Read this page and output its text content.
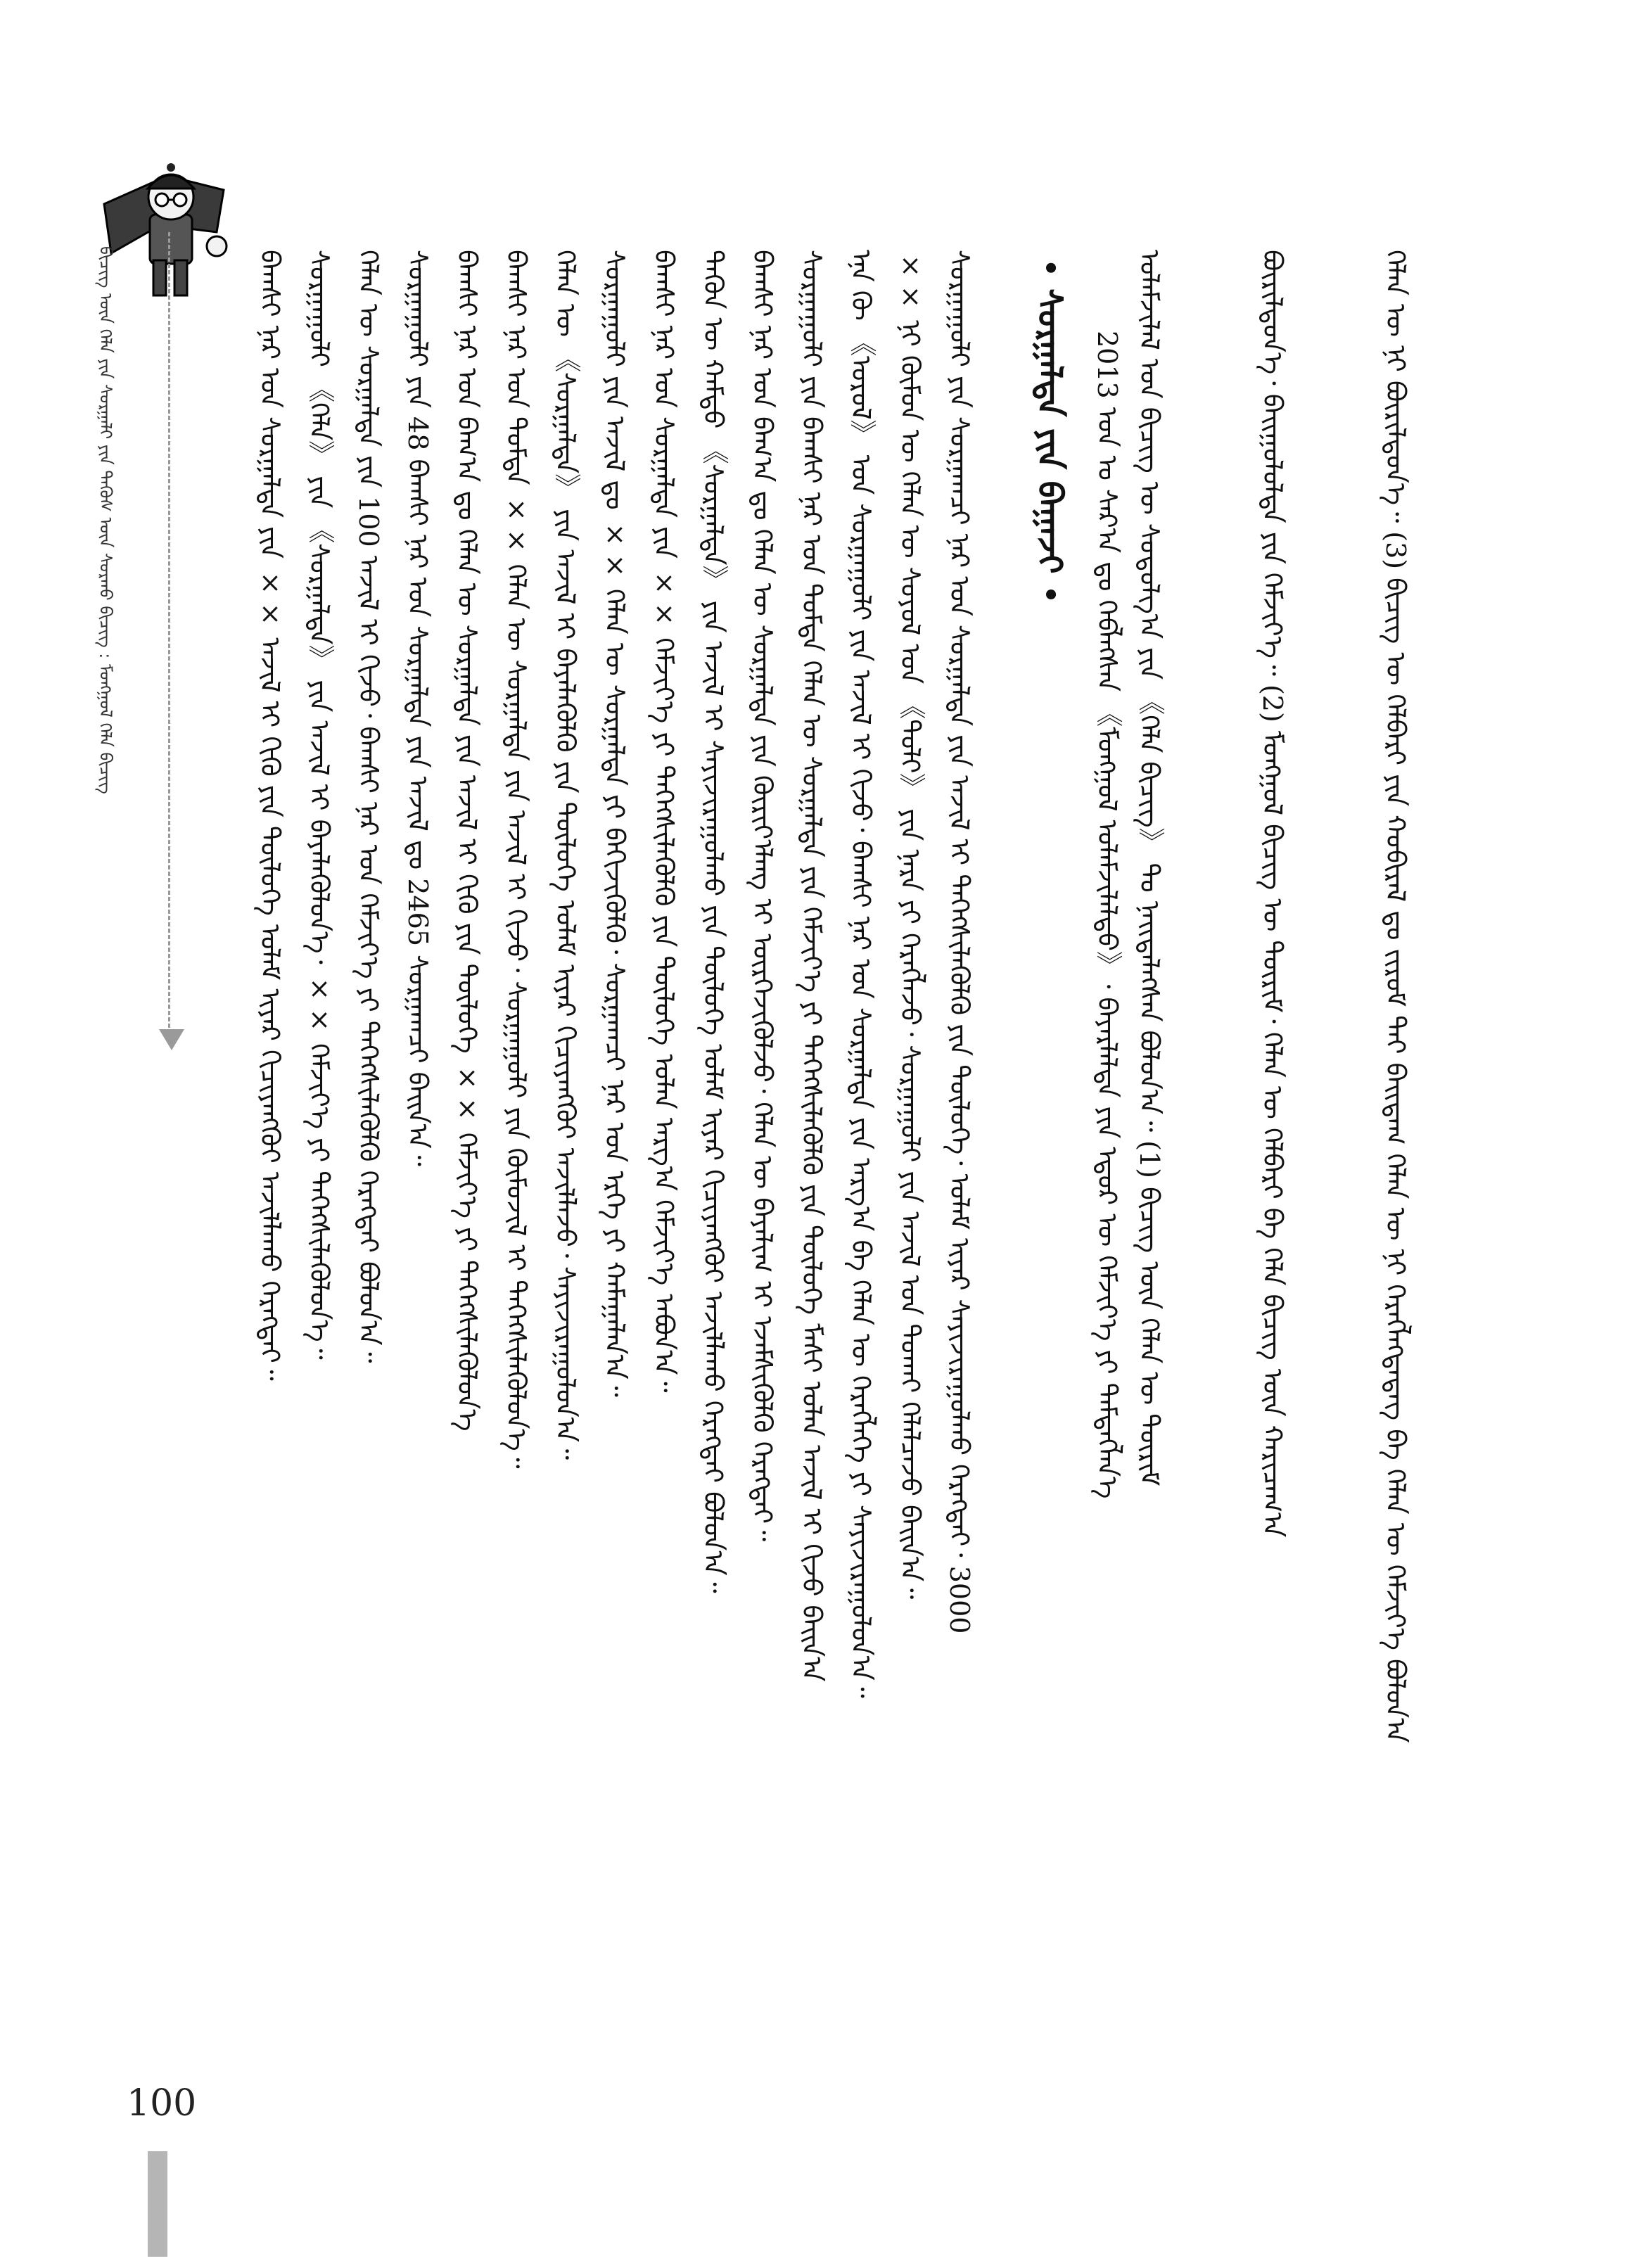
ᠪᠢᠴᠢᠭ᠌ ᠦᠨ ᠬᠡᠯᠡ ᠶᠢᠨ ᠰᠤᠷᠭᠠᠯᠢ ᠶᠢᠨ ᠲᠡᠭᠦᠰ ᠦᠨ ᠰᠤᠷᠬᠤ ᠪᠢᠴᠢᠭ᠌ : ᠮᠤᠩᠭᠤᠯ ᠬᠡᠯᠡ ᠪᠢᠴᠢᠭ᠌	• ᠰᠤᠷᠭᠠᠯᠲᠠ ᠶᠢᠨ ᠪᠠᠭᠠᠵᠢ •	ᠬᠡᠯᠡᠨ ᠦ ᠨᠢ ᠪᠦᠷᠢᠯᠳᠦᠨ᠎ᠡ᠃ (3) ᠪᠢᠴᠢᠭ᠌ ᠦ ᠬᠡᠯᠪᠡᠷᠢ ᠶᠢᠨ ᠬᠤᠪᠢᠷᠠᠯ ᠳᠤ ᠵᠢᠷᠤᠮ ᠲᠠᠢ ᠪᠠᠢᠳᠠᠭ ᠬᠡᠯᠡᠨ ᠦ ᠨᠢ ᠬᠡᠷᠡᠭᠯᠡᠭᠳᠡᠳᠡᠭ ᠪᠠ ᠬᠡᠯᠡᠨ ᠦ ᠬᠡᠮᠵᠢᠶ᠎ᠡ ᠪᠤᠯᠤᠨ᠎ᠠ
ᠪᠦᠷᠢᠯᠳᠦᠨ᠎ᠡ᠂ ᠪᠠᠢᠭᠤᠯᠤᠯᠲᠠ ᠶᠢᠨ ᠬᠡᠮᠵᠢᠶ᠎ᠡ᠃ (2) ᠮᠤᠩᠭᠤᠯ ᠪᠢᠴᠢᠭ᠌ ᠦ ᠳᠦᠷᠢᠮ᠂ ᠬᠡᠯᠡᠨ ᠦ ᠬᠡᠯᠪᠡᠷᠢ ᠪᠠ ᠬᠡᠯᠡ ᠪᠢᠴᠢᠭ᠌ ᠦᠨ ᠬᠠᠷᠢᠴᠠᠭ᠎ᠠ
ᠤᠯᠠᠮᠵᠢᠯᠠᠯ ᠤᠨ ᠪᠢᠴᠢᠭ᠌ ᠦ ᠰᠤᠳᠤᠯᠭ᠎ᠠ ᠶᠢᠨ 《ᠬᠡᠯᠡ ᠪᠢᠴᠢᠭ᠌》 ᠲᠤ ᠨᠡᠢᠲᠡᠯᠡᠭᠰᠡᠨ ᠪᠤᠯᠤᠨ᠎ᠠ᠃ (1) ᠪᠢᠴᠢᠭ᠌ ᠦᠨ ᠬᠡᠯᠡᠨ ᠦ ᠳᠦᠷᠢᠮ
2013 ᠣᠨ ᠤ ᠰᠠᠷ᠎ᠠ ᠳᠤ ᠬᠡᠪᠯᠡᠭᠰᠡᠨ 《ᠮᠤᠩᠭᠤᠯ ᠤᠯᠠᠮᠵᠢᠯᠠᠯᠲᠤ》᠂ ᠪᠠᠶᠠᠷᠯᠠᠯᠲᠠ ᠶᠢᠨ ᠡᠳᠦᠷ ᠦ ᠬᠡᠮᠵᠢᠶ᠎ᠡ ᠶᠢ ᠲᠡᠮᠳᠡᠭᠯᠡᠨ᠎ᠡ
ᠰᠤᠷᠭᠠᠭᠤᠯᠢ ᠶᠢᠨ ᠰᠤᠷᠭᠠᠭᠴᠢ ᠨᠠᠷ ᠤᠨ ᠰᠤᠷᠭᠠᠯᠲᠠ ᠶᠢᠨ ᠠᠵᠢᠯ ᠢ ᠳᠡᠭᠡᠭᠰᠢᠯᠡᠭᠦᠯᠬᠦ ᠶᠢᠨ ᠲᠥᠯᠦᠭᠡ᠂ ᠤᠯᠠᠮ ᠢᠶᠠᠷ ᠰᠠᠶᠢᠵᠢᠷᠠᠭᠤᠯᠬᠤ ᠬᠡᠷᠡᠭᠲᠡᠢ᠂ 3000
×× ᠨᠢ ᠬᠦᠮᠦᠨ ᠦ ᠬᠡᠯᠡᠨ ᠦ ᠰᠣᠶᠣᠯ ᠤᠨ 《ᠲᠤᠯᠢ》 ᠶᠢᠨ ᠨᠡᠷᠡ ᠶᠢ ᠬᠡᠷᠡᠭᠯᠡᠵᠦ᠂ ᠰᠤᠷᠭᠠᠭᠤᠯᠢ ᠶᠢᠨ ᠠᠵᠢᠯ ᠤᠨ ᠲᠤᠬᠠᠢ ᠬᠡᠯᠡᠯᠴᠡᠵᠦ ᠪᠠᠢᠨ᠎ᠠ᠃
ᠡᠨᠡ ᠬᠦ 《ᠤᠷᠤᠯ》 ᠤᠨ ᠰᠤᠷᠭᠠᠭᠤᠯᠢ ᠶᠢᠨ ᠠᠵᠢᠯ ᠢ ᠬᠢᠵᠦ᠂ ᠪᠠᠭᠰᠢ ᠨᠠᠷ ᠤᠨ ᠰᠤᠷᠭᠠᠯᠲᠠ ᠶᠢᠨ ᠠᠷᠭ᠎ᠠ ᠪᠠ ᠬᠡᠯᠡᠨ ᠦ ᠬᠡᠷᠡᠭᠯᠡᠭᠡ ᠶᠢ ᠰᠠᠶᠢᠵᠢᠷᠠᠭᠤᠯᠤᠨ᠎ᠠ᠃
ᠰᠤᠷᠭᠠᠭᠤᠯᠢ ᠶᠢᠨ ᠪᠠᠭᠰᠢ ᠨᠠᠷ ᠤᠨ ᠳᠤᠮᠳᠠ ᠬᠡᠯᠡᠨ ᠦ ᠰᠤᠷᠭᠠᠯᠲᠠ ᠶᠢᠨ ᠬᠡᠮᠵᠢᠶ᠎ᠡ ᠶᠢ ᠳᠡᠭᠡᠭᠰᠢᠯᠡᠭᠦᠯᠬᠦ ᠶᠢᠨ ᠲᠥᠯᠦᠭᠡ ᠮᠠᠰᠢ ᠣᠯᠠᠨ ᠠᠵᠢᠯ ᠢ ᠬᠢᠵᠦ ᠪᠠᠢᠨ᠎ᠠ
ᠪᠠᠭᠰᠢ ᠨᠠᠷ ᠤᠨ ᠪᠠᠭ᠎ᠠ ᠳᠤ ᠬᠡᠯᠡᠨ ᠦ ᠰᠤᠷᠭᠠᠯᠲᠠ ᠶᠢᠨ ᠬᠦᠷᠢᠶ᠎ᠡᠯᠡᠩ ᠢ ᠥᠷᠭᠡᠵᠢᠭᠦᠯᠵᠦ᠂ ᠬᠡᠯᠡᠨ ᠦ ᠪᠠᠶᠠᠯᠢᠭ ᠢ ᠡᠵᠡᠮᠰᠢᠭᠦᠯᠬᠦ ᠬᠡᠷᠡᠭᠲᠡᠢ᠃
ᠲᠡᠭᠦᠨ ᠦ ᠬᠠᠮᠲᠤ 《ᠰᠤᠷᠭᠠᠯᠲᠠ》 ᠶᠢᠨ ᠠᠵᠢᠯ ᠢ ᠰᠠᠶᠢᠵᠢᠷᠠᠭᠤᠯᠬᠤ ᠶᠢᠨ ᠲᠥᠯᠦᠭᠡ ᠤᠯᠠᠮ ᠢᠶᠠᠷ ᠬᠢᠴᠢᠶᠡᠩᠭᠦᠢ ᠠᠵᠢᠯᠯᠠᠬᠤ ᠬᠡᠷᠡᠭᠲᠡᠢ ᠪᠤᠯᠤᠨ᠎ᠠ᠃
ᠪᠠᠭᠰᠢ ᠨᠠᠷ ᠤᠨ ᠰᠤᠷᠭᠠᠯᠲᠠ ᠶᠢᠨ ×× ᠬᠡᠮᠵᠢᠶ᠎ᠡ ᠶᠢ ᠳᠡᠭᠡᠭᠰᠢᠯᠡᠭᠦᠯᠬᠦ ᠶᠢᠨ ᠲᠥᠯᠦᠭᠡ ᠤᠯᠠᠨ ᠠᠷᠭ᠎ᠠ ᠬᠡᠮᠵᠢᠶ᠎ᠡ ᠠᠪᠤᠨ᠎ᠠ᠃
ᠰᠤᠷᠭᠠᠭᠤᠯᠢ ᠶᠢᠨ ᠠᠵᠢᠯ ᠳᠤ ×× ᠬᠡᠯᠡᠨ ᠦ ᠰᠤᠷᠭᠠᠯᠲᠠ ᠶᠢ ᠪᠡᠬᠢᠵᠢᠭᠦᠯᠬᠦ᠂ ᠰᠤᠷᠭᠠᠭᠴᠢ ᠨᠠᠷ ᠤᠨ ᠡᠷᠬᠡ ᠶᠢ ᠬᠠᠮᠠᠭᠠᠯᠠᠨ᠎ᠠ᠃
ᠬᠡᠯᠡᠨ ᠦ 《ᠰᠤᠷᠭᠠᠯᠲᠠ》 ᠶᠢᠨ ᠠᠵᠢᠯ ᠢ ᠪᠡᠶᠡᠯᠡᠭᠦᠯᠬᠦ ᠶᠢᠨ ᠲᠥᠯᠦᠭᠡ ᠤᠯᠠᠮ ᠢᠶᠠᠷ ᠬᠢᠴᠢᠶᠡᠩᠭᠦᠢ ᠠᠵᠢᠯᠯᠠᠵᠤ᠂ ᠰᠠᠶᠢᠵᠢᠷᠠᠭᠤᠯᠤᠨ᠎ᠠ᠃
ᠪᠠᠭᠰᠢ ᠨᠠᠷ ᠤᠨ ᠳᠤᠮᠳᠠ ×× ᠬᠡᠯᠡᠨ ᠦ ᠰᠤᠷᠭᠠᠯᠲᠠ ᠶᠢᠨ ᠠᠵᠢᠯ ᠢ ᠬᠢᠵᠦ᠂ ᠰᠤᠷᠭᠠᠭᠤᠯᠢ ᠶᠢᠨ ᠬᠦᠮᠦᠵᠢᠯ ᠢ ᠳᠡᠭᠡᠭᠰᠢᠯᠡᠭᠦᠯᠦᠨ᠎ᠡ᠃
ᠪᠠᠭᠰᠢ ᠨᠠᠷ ᠤᠨ ᠪᠠᠭ᠎ᠠ ᠳᠤ ᠬᠡᠯᠡᠨ ᠦ ᠰᠤᠷᠭᠠᠯᠲᠠ ᠶᠢᠨ ᠠᠵᠢᠯ ᠢ ᠬᠢᠬᠦ ᠶᠢᠨ ᠲᠥᠯᠦᠭᠡ ×× ᠬᠡᠮᠵᠢᠶ᠎ᠡ ᠶᠢ ᠳᠡᠭᠡᠭᠰᠢᠯᠡᠭᠦᠯᠦᠨ᠎ᠡ
ᠰᠤᠷᠭᠠᠭᠤᠯᠢ ᠶᠢᠨ 48 ᠪᠠᠭᠰᠢ ᠨᠠᠷ ᠤᠨ ᠰᠤᠷᠭᠠᠯᠲᠠ ᠶᠢᠨ ᠠᠵᠢᠯ ᠳᠤ 2465 ᠰᠤᠷᠭᠠᠭᠴᠢ ᠪᠠᠢᠨ᠎ᠠ᠃
ᠬᠡᠯᠡᠨ ᠦ ᠰᠤᠷᠭᠠᠯᠲᠠ ᠶᠢᠨ 100 ᠠᠵᠢᠯ ᠢ ᠬᠢᠵᠦ᠂ ᠪᠠᠭᠰᠢ ᠨᠠᠷ ᠤᠨ ᠬᠡᠮᠵᠢᠶ᠎ᠡ ᠶᠢ ᠳᠡᠭᠡᠭᠰᠢᠯᠡᠭᠦᠯᠬᠦ ᠬᠡᠷᠡᠭᠲᠡᠢ ᠪᠤᠯᠤᠨ᠎ᠠ᠃
ᠰᠤᠷᠭᠠᠭᠤᠯᠢ 《ᠬᠡᠯᠡ》 ᠶᠢᠨ 《ᠰᠤᠷᠭᠠᠯᠲᠠ》 ᠶᠢᠨ ᠠᠵᠢᠯ ᠢ ᠪᠡᠶᠡᠯᠡᠭᠦᠯᠦᠨ᠎ᠡ᠂ ×× ᠬᠡᠮᠵᠢᠶ᠎ᠡ ᠶᠢ ᠳᠡᠭᠡᠭᠰᠢᠯᠡᠭᠦᠯᠦᠨ᠎ᠡ᠃
ᠪᠠᠭᠰᠢ ᠨᠠᠷ ᠤᠨ ᠰᠤᠷᠭᠠᠯᠲᠠ ᠶᠢᠨ ×× ᠠᠵᠢᠯ ᠢ ᠬᠢᠬᠦ ᠶᠢᠨ ᠲᠥᠯᠦᠭᠡ ᠤᠯᠠᠮ ᠢᠶᠠᠷ ᠬᠢᠴᠢᠶᠡᠩᠭᠦᠢ ᠠᠵᠢᠯᠯᠠᠬᠤ ᠬᠡᠷᠡᠭᠲᠡᠢ᠃
100
